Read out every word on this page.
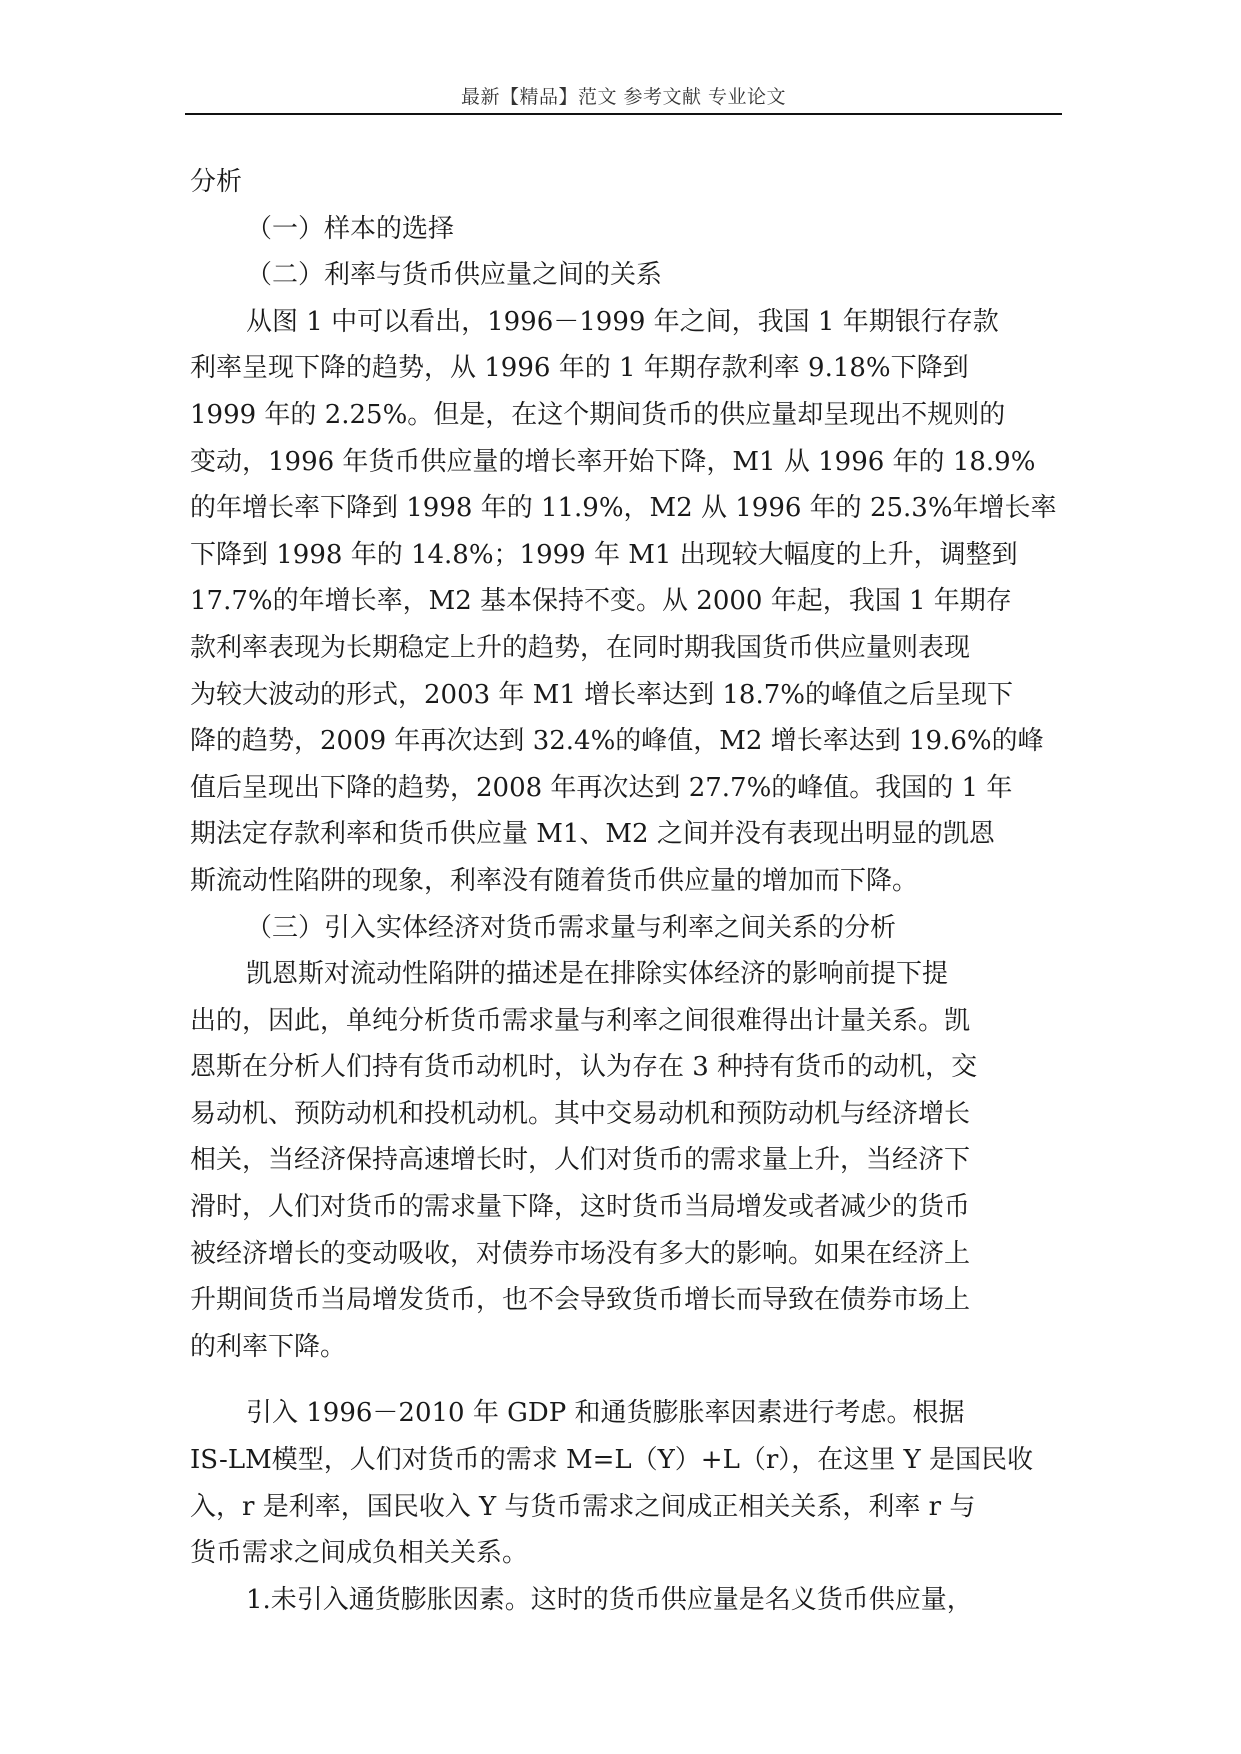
最新【精品】范文 参考文献 专业论文
分析
（一）样本的选择
（二）利率与货币供应量之间的关系
从图 1 中可以看出，1996－1999 年之间，我国 1 年期银行存款
利率呈现下降的趋势，从 1996 年的 1 年期存款利率 9.18%下降到
1999 年的 2.25%。但是，在这个期间货币的供应量却呈现出不规则的
变动，1996 年货币供应量的增长率开始下降，M1 从 1996 年的 18.9%
的年增长率下降到 1998 年的 11.9%，M2 从 1996 年的 25.3%年增长率
下降到 1998 年的 14.8%；1999 年 M1 出现较大幅度的上升，调整到
17.7%的年增长率，M2 基本保持不变。从 2000 年起，我国 1 年期存
款利率表现为长期稳定上升的趋势，在同时期我国货币供应量则表现
为较大波动的形式，2003 年 M1 增长率达到 18.7%的峰值之后呈现下
降的趋势，2009 年再次达到 32.4%的峰值，M2 增长率达到 19.6%的峰
值后呈现出下降的趋势，2008 年再次达到 27.7%的峰值。我国的 1 年
期法定存款利率和货币供应量 M1、M2 之间并没有表现出明显的凯恩
斯流动性陷阱的现象，利率没有随着货币供应量的增加而下降。
（三）引入实体经济对货币需求量与利率之间关系的分析
凯恩斯对流动性陷阱的描述是在排除实体经济的影响前提下提
出的，因此，单纯分析货币需求量与利率之间很难得出计量关系。凯
恩斯在分析人们持有货币动机时，认为存在 3 种持有货币的动机，交
易动机、预防动机和投机动机。其中交易动机和预防动机与经济增长
相关，当经济保持高速增长时，人们对货币的需求量上升，当经济下
滑时，人们对货币的需求量下降，这时货币当局增发或者减少的货币
被经济增长的变动吸收，对债券市场没有多大的影响。如果在经济上
升期间货币当局增发货币，也不会导致货币增长而导致在债券市场上
的利率下降。
引入 1996－2010 年 GDP 和通货膨胀率因素进行考虑。根据
IS-LM模型，人们对货币的需求 M=L（Y）+L（r），在这里 Y 是国民收
入，r 是利率，国民收入 Y 与货币需求之间成正相关关系，利率 r 与
货币需求之间成负相关关系。
1.未引入通货膨胀因素。这时的货币供应量是名义货币供应量，
